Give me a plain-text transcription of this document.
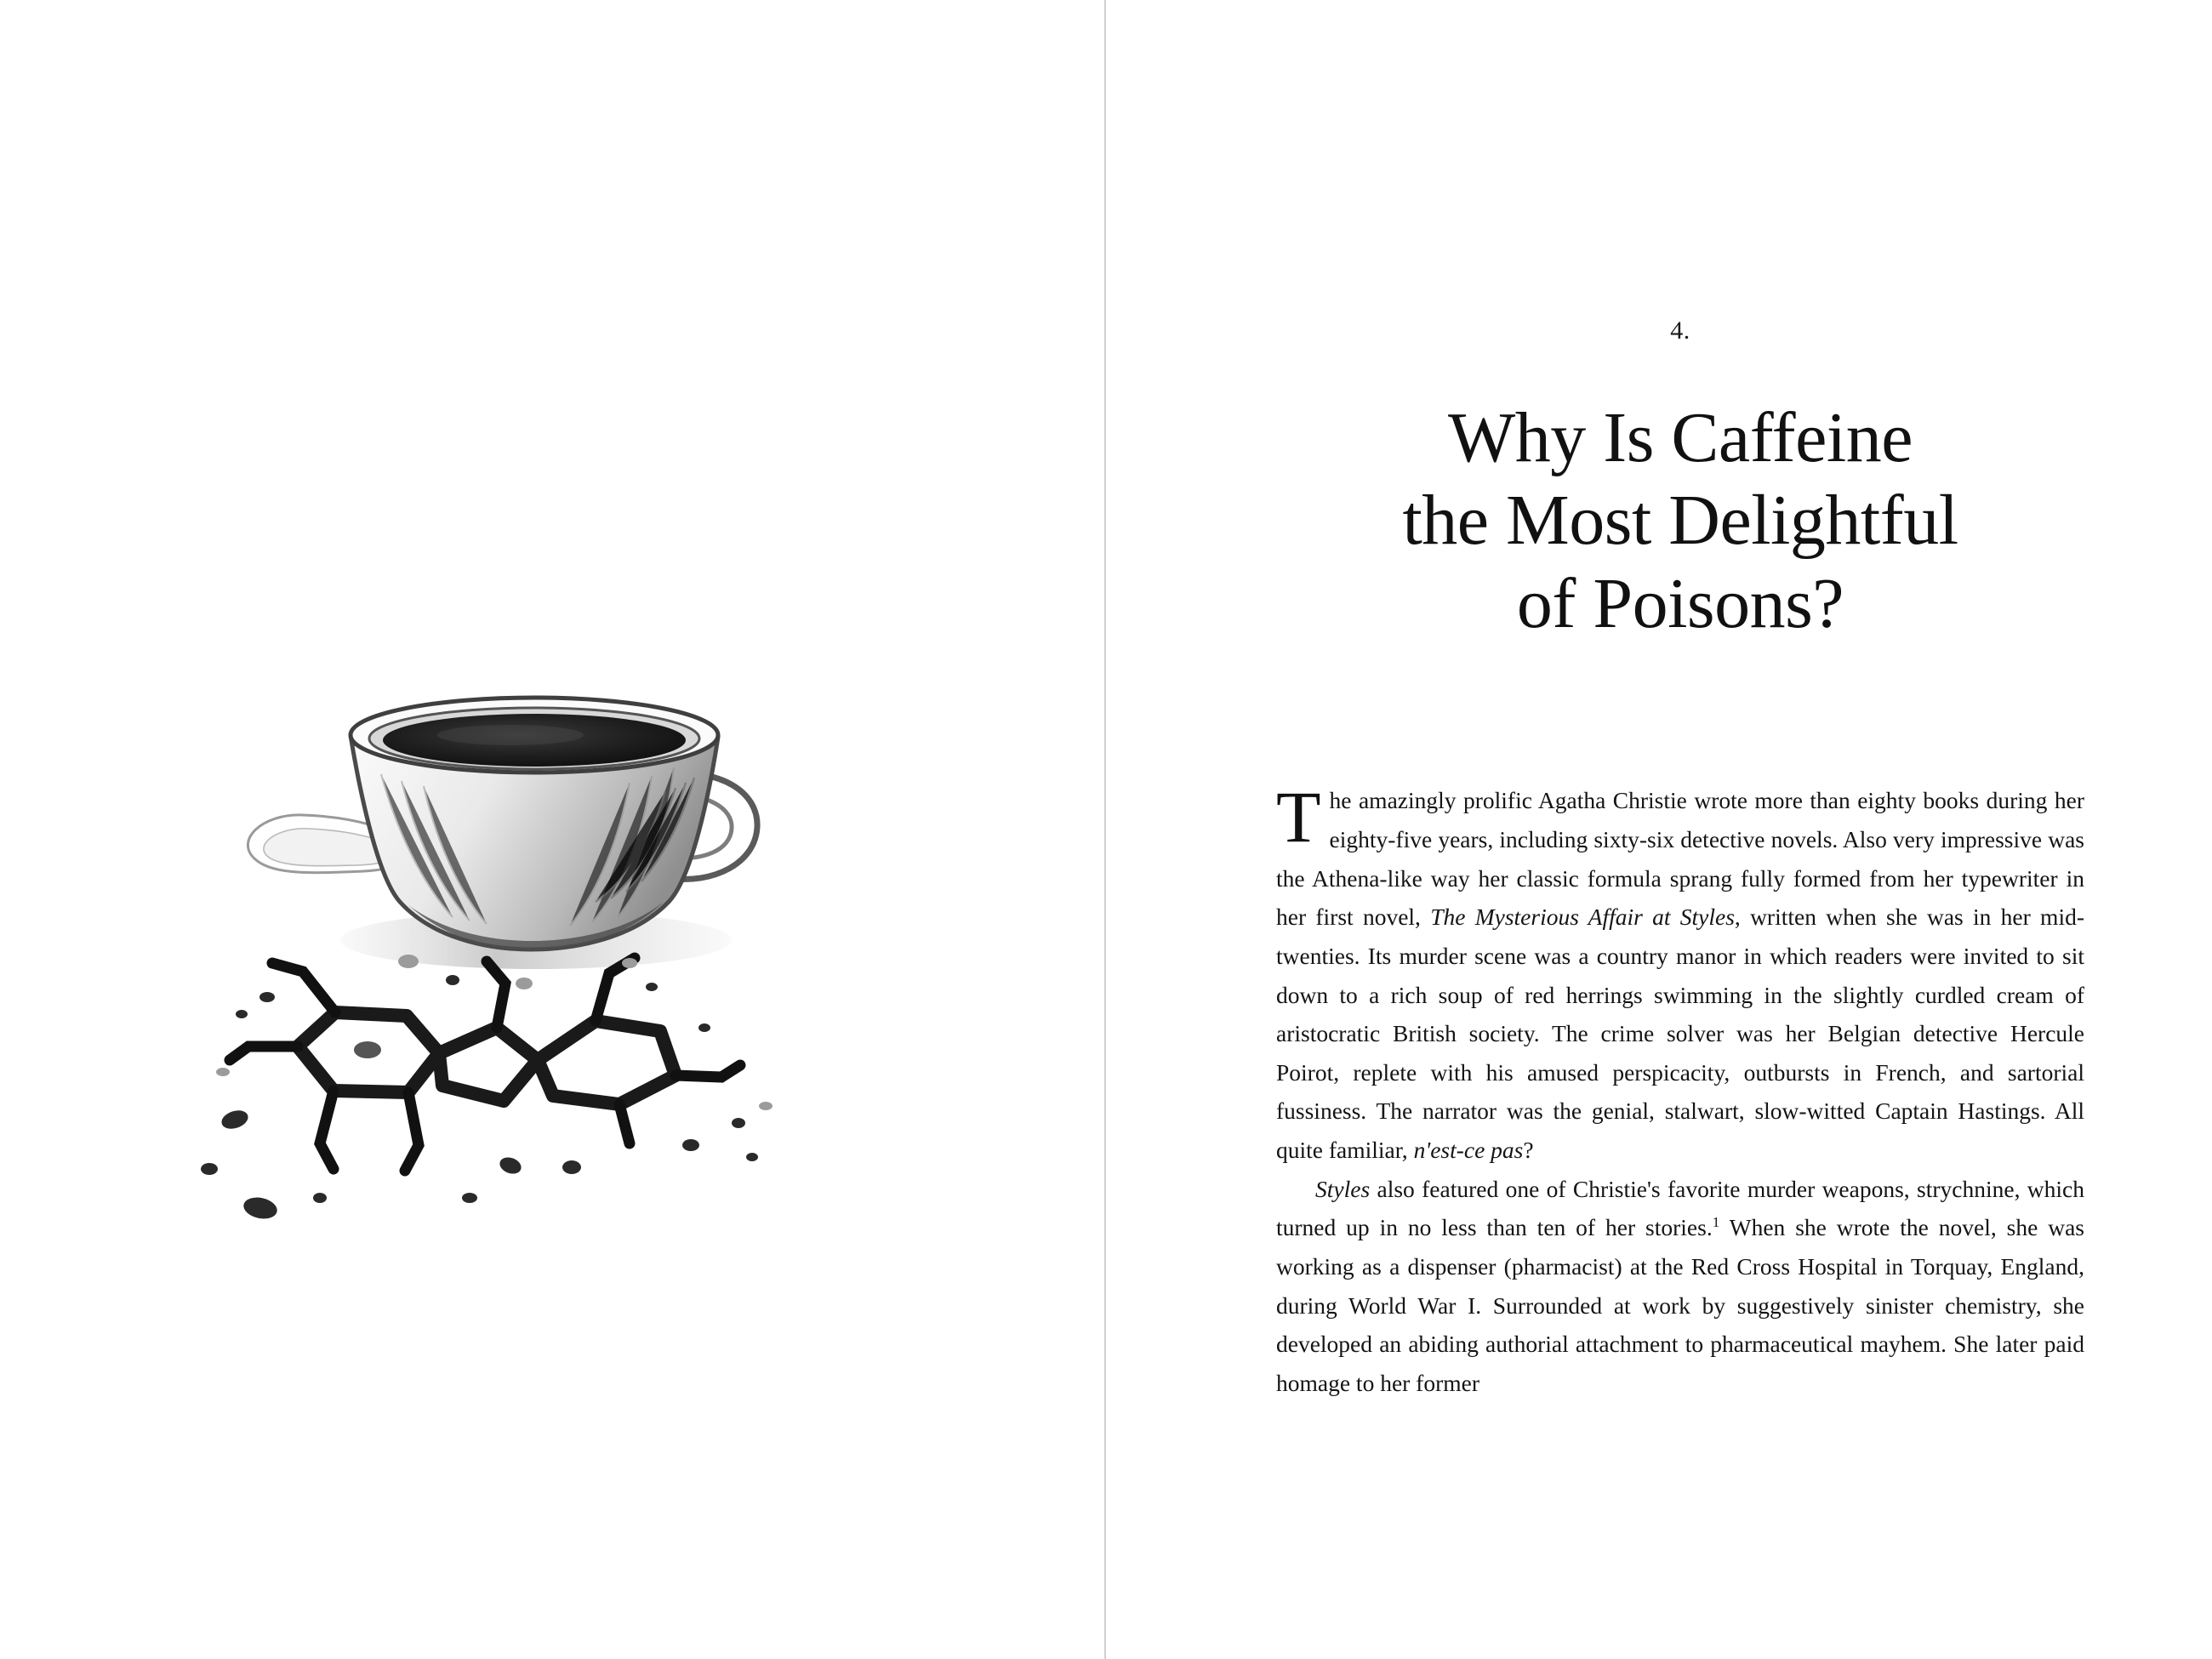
4.
Why Is Caffeine
the Most Delightful
of Poisons?

The amazingly prolific Agatha Christie wrote more than eighty books during her eighty-five years, including sixty-six detective novels. Also very impressive was the Athena-like way her classic formula sprang fully formed from her typewriter in her first novel, The Mysterious Affair at Styles, written when she was in her mid-twenties. Its murder scene was a country manor in which readers were invited to sit down to a rich soup of red herrings swimming in the slightly curdled cream of aristocratic British society. The crime solver was her Belgian detective Hercule Poirot, replete with his amused perspicacity, outbursts in French, and sartorial fussiness. The narrator was the genial, stalwart, slow-witted Captain Hastings. All quite familiar, n'est-ce pas?

Styles also featured one of Christie's favorite murder weapons, strychnine, which turned up in no less than ten of her stories.$^1$ When she wrote the novel, she was working as a dispenser (pharmacist) at the Red Cross Hospital in Torquay, England, during World War I. Surrounded at work by suggestively sinister chemistry, she developed an abiding authorial attachment to pharmaceutical mayhem. She later paid homage to her former
